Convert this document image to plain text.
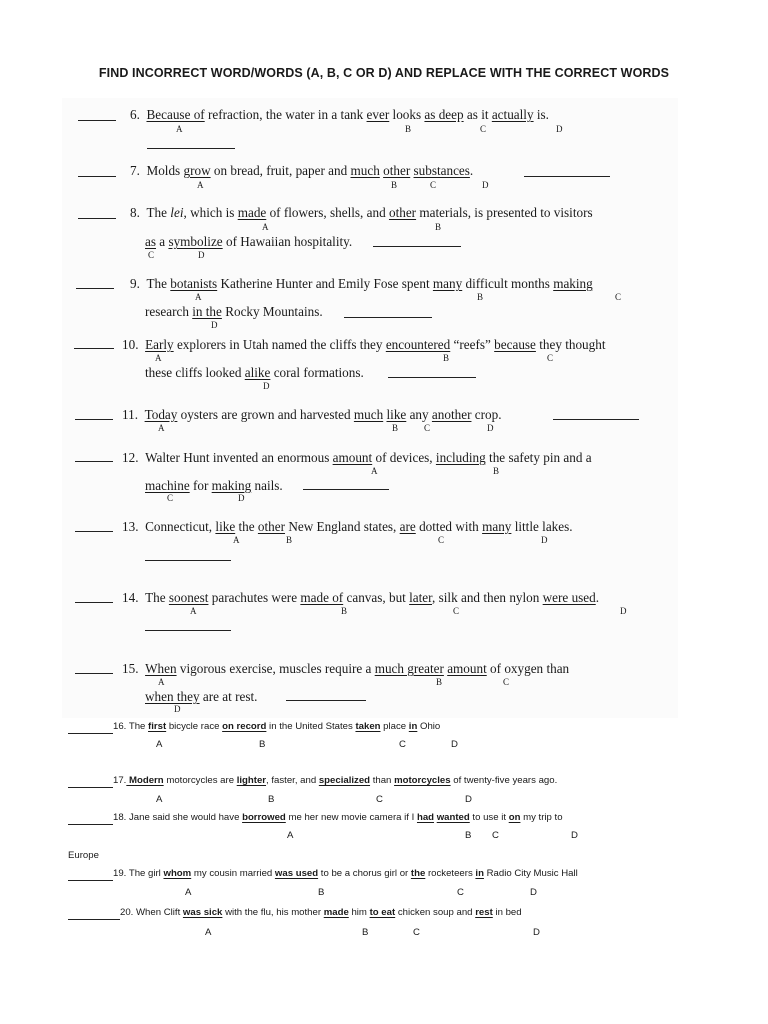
FIND INCORRECT WORD/WORDS (A, B, C OR D) AND REPLACE WITH THE CORRECT WORDS
6. Because of refraction, the water in a tank ever looks as deep as it actually is.
A	B	C	D
7. Molds grow on bread, fruit, paper and much other substances.
A	B	C	D
8. The lei, which is made of flowers, shells, and other materials, is presented to visitors
A	B
as a symbolize of Hawaiian hospitality.
C	D
9. The botanists Katherine Hunter and Emily Fose spent many difficult months making
A	B	C
research in the Rocky Mountains.
D
10. Early explorers in Utah named the cliffs they encountered “reefs” because they thought
A	B	C
these cliffs looked alike coral formations.
D
11. Today oysters are grown and harvested much like any another crop.
A	B	C	D
12. Walter Hunt invented an enormous amount of devices, including the safety pin and a
A	B
machine for making nails.
C	D
13. Connecticut, like the other New England states, are dotted with many little lakes.
A	B	C	D
14. The soonest parachutes were made of canvas, but later, silk and then nylon were used.
A	B	C	D
15. When vigorous exercise, muscles require a much greater amount of oxygen than
A	B	C
when they are at rest.
D
16. The first bicycle race on record in the United States taken place in Ohio
A	B	C	D
17. Modern motorcycles are lighter, faster, and specialized than motorcycles of twenty-five years ago.
A	B	C	D
18. Jane said she would have borrowed me her new movie camera if I had wanted to use it on my trip to
A	B C	D
Europe
19. The girl whom my cousin married was used to be a chorus girl or the rocketeers in Radio City Music Hall
A	B	C	D
20. When Clift was sick with the flu, his mother made him to eat chicken soup and rest in bed
A	B	C	D
